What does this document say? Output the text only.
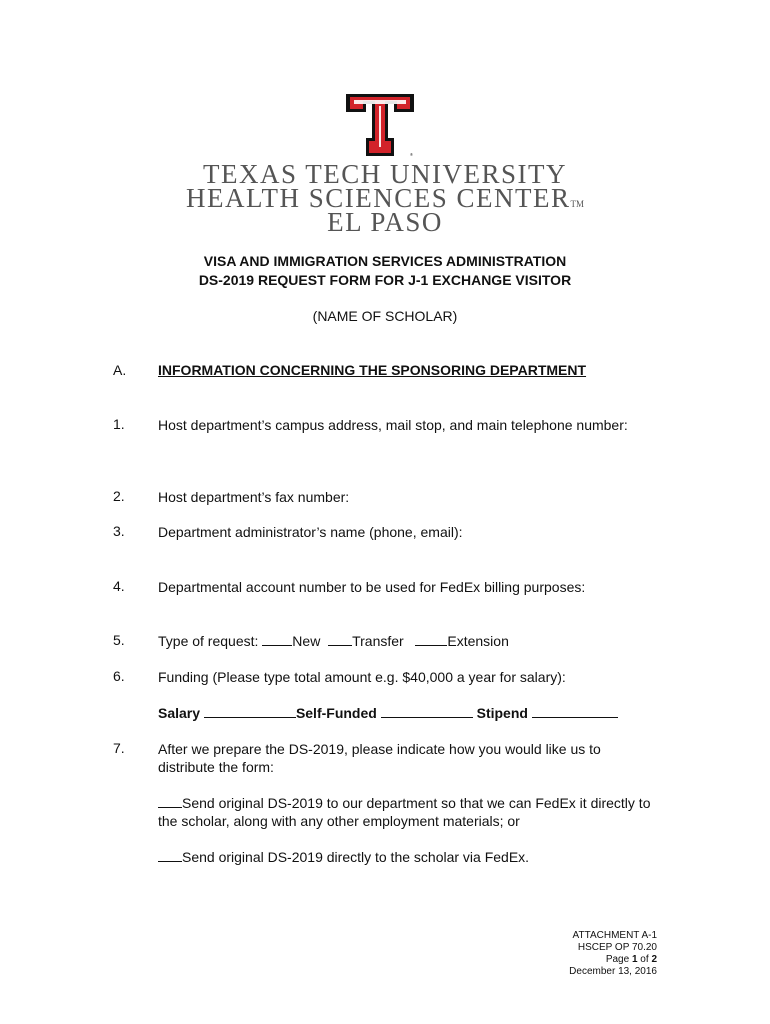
®
TEXAS TECH UNIVERSITY
HEALTH SCIENCES CENTERTM
EL PASO
VISA AND IMMIGRATION SERVICES ADMINISTRATION
DS-2019 REQUEST FORM FOR J-1 EXCHANGE VISITOR
(NAME OF SCHOLAR)
A. INFORMATION CONCERNING THE SPONSORING DEPARTMENT
1. Host department’s campus address, mail stop, and main telephone number:
2. Host department’s fax number:
3. Department administrator’s name (phone, email):
4. Departmental account number to be used for FedEx billing purposes:
5. Type of request: New Transfer	Extension
6. Funding (Please type total amount e.g. $40,000 a year for salary):
Salary	Self-Funded	Stipend
7. After we prepare the DS-2019, please indicate how you would like us to distribute the form:
Send original DS-2019 to our department so that we can FedEx it directly to the scholar, along with any other employment materials; or
Send original DS-2019 directly to the scholar via FedEx.
ATTACHMENT A-1
HSCEP OP 70.20
Page 1 of 2
December 13, 2016
